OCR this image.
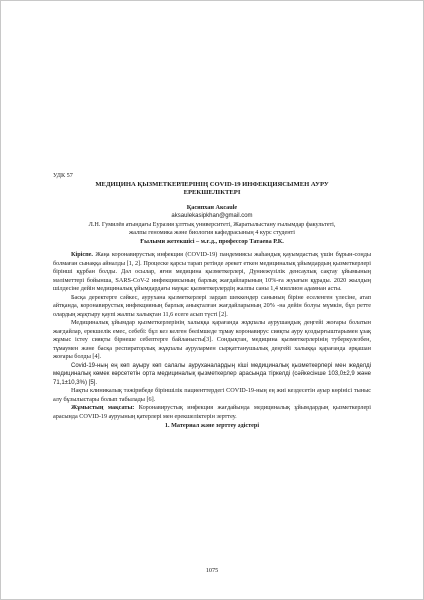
УДК 57
МЕДИЦИНА ҚЫЗМЕТКЕРЛЕРІНІҢ COVID-19 ИНФЕКЦИЯСЫМЕН АУРУ
ЕРЕКШЕЛІКТЕРІ
Қасипхан Аксаule
aksaulekasipkhan@gmail.com
Л.Н. Гумилёв атындағы Еуразия ұлттық университеті, Жаратылыстану ғылымдар факультеті,
жалпы геномика және биология кафедрасының 4 курс студенті
Ғылыми жетекшісі – м.ғ.д., профессор Татаева Р.К.

Кіріспе. Жаңа коронавирустық инфекция (COVID-19) пандемиясы жаһандық қауымдастық үшін бұрын-соңды болмаған сынаққа айналды [1, 2]. Процеске қарсы тарап ретінде әрекет еткен медициналық ұйымдардың қызметкерлері бірінші құрбан болды. Дәл осылар, яғни медицина қызметкерлері, Дүниежүзілік денсаулық сақтау ұйымының мәліметтері бойынша, SARS-CoV-2 инфекциясының барлық жағдайларының 10%-ға жуығын құрады. 2020 жылдың шілдесіне дейін медициналық ұйымдардағы науқас қызметкерлердің жалпы саны 1,4 миллион адамнан асты.

Басқа деректерге сәйкес, аурухана қызметкерлері зардап шеккендер санының біріне еселенген үлесіне, атап айтқанда, коронавирустық инфекцияның барлық анықталған жағдайларының 20% -на дейін болуы мүмкін, бұл ретте олардың жұқтыру қаупі жалпы халықтан 11,6 есеге асып түсті [2].

Медициналық ұйымдар қызметкерлерінің халыққа қарағанда жұқпалы аурушаңдық деңгейі жоғары болатын жағдайлар, ерекшелік емес, себебі: бұл кез келген бөлімшеде тұмау коронавирус сияқты ауру қоздырғыштарымен ұзақ жұмыс істеу сияқты бірнеше себептерге байланысты[3]. Сондықтан, медицина қызметкерлерінің туберкулезбен, тұмаумен және басқа респираторлық жұқпалы аурулармен сырқаттанушылық деңгейі халыққа қарағанда әрқашан жоғары болды [4].

Covid-19-ның ең көп ауыру көп салалы ауруханалардың кіші медициналық қызметкерлері мен жеделді медициналық көмек көрсететін орта медициналық қызметкерлер арасында тіркелді (сәйкесінше 103,0±2,9 және 71,1±10,3%) [5].

Нақты клиникалық тәжірибеде біріншілік пациенттердегі COVID-19-ның ең жиі кездесетін ауыр көрінісі тыныс алу бұзылыстары болып табылады [6].

Жұмыстың мақсаты: Коронавирустық инфекция жағдайында медициналық ұйымдардың қызметкерлері арасында COVID-19 ауруының қатерлері мен ерекшеліктерін зерттеу.

1. Материал және зерттеу әдістері
1075
